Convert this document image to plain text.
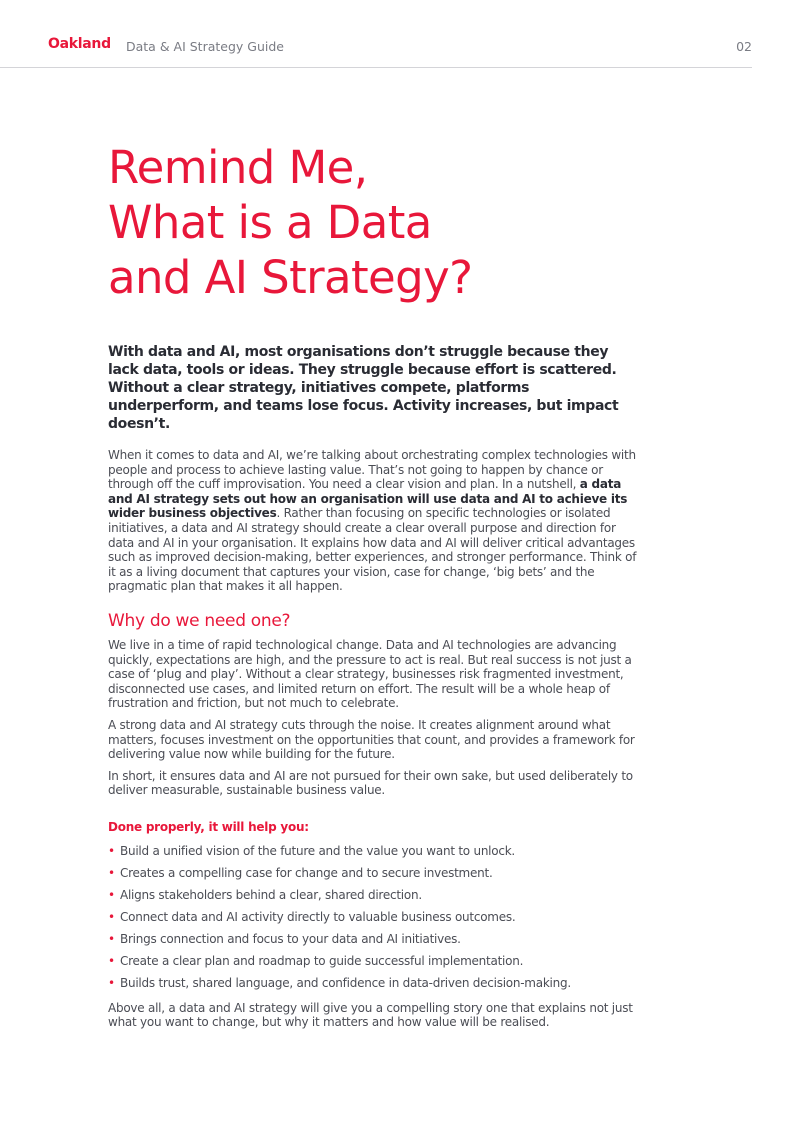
Oakland Data & AI Strategy Guide	02
Remind Me,
What is a Data
and AI Strategy?

With data and AI, most organisations don’t struggle because they lack data, tools or ideas. They struggle because effort is scattered. Without a clear strategy, initiatives compete, platforms underperform, and teams lose focus. Activity increases, but impact doesn’t.

When it comes to data and AI, we’re talking about orchestrating complex technologies with people and process to achieve lasting value. That’s not going to happen by chance or through off the cuff improvisation. You need a clear vision and plan. In a nutshell, a data and AI strategy sets out how an organisation will use data and AI to achieve its wider business objectives. Rather than focusing on specific technologies or isolated initiatives, a data and AI strategy should create a clear overall purpose and direction for data and AI in your organisation. It explains how data and AI will deliver critical advantages such as improved decision-making, better experiences, and stronger performance. Think of it as a living document that captures your vision, case for change, ‘big bets’ and the pragmatic plan that makes it all happen.

Why do we need one?

We live in a time of rapid technological change. Data and AI technologies are advancing quickly, expectations are high, and the pressure to act is real. But real success is not just a case of ‘plug and play’. Without a clear strategy, businesses risk fragmented investment, disconnected use cases, and limited return on effort. The result will be a whole heap of frustration and friction, but not much to celebrate.

A strong data and AI strategy cuts through the noise. It creates alignment around what matters, focuses investment on the opportunities that count, and provides a framework for delivering value now while building for the future.

In short, it ensures data and AI are not pursued for their own sake, but used deliberately to deliver measurable, sustainable business value.

Done properly, it will help you:
• Build a unified vision of the future and the value you want to unlock.
• Creates a compelling case for change and to secure investment.
• Aligns stakeholders behind a clear, shared direction.
• Connect data and AI activity directly to valuable business outcomes.
• Brings connection and focus to your data and AI initiatives.
• Create a clear plan and roadmap to guide successful implementation.
• Builds trust, shared language, and confidence in data-driven decision-making.

Above all, a data and AI strategy will give you a compelling story one that explains not just what you want to change, but why it matters and how value will be realised.
